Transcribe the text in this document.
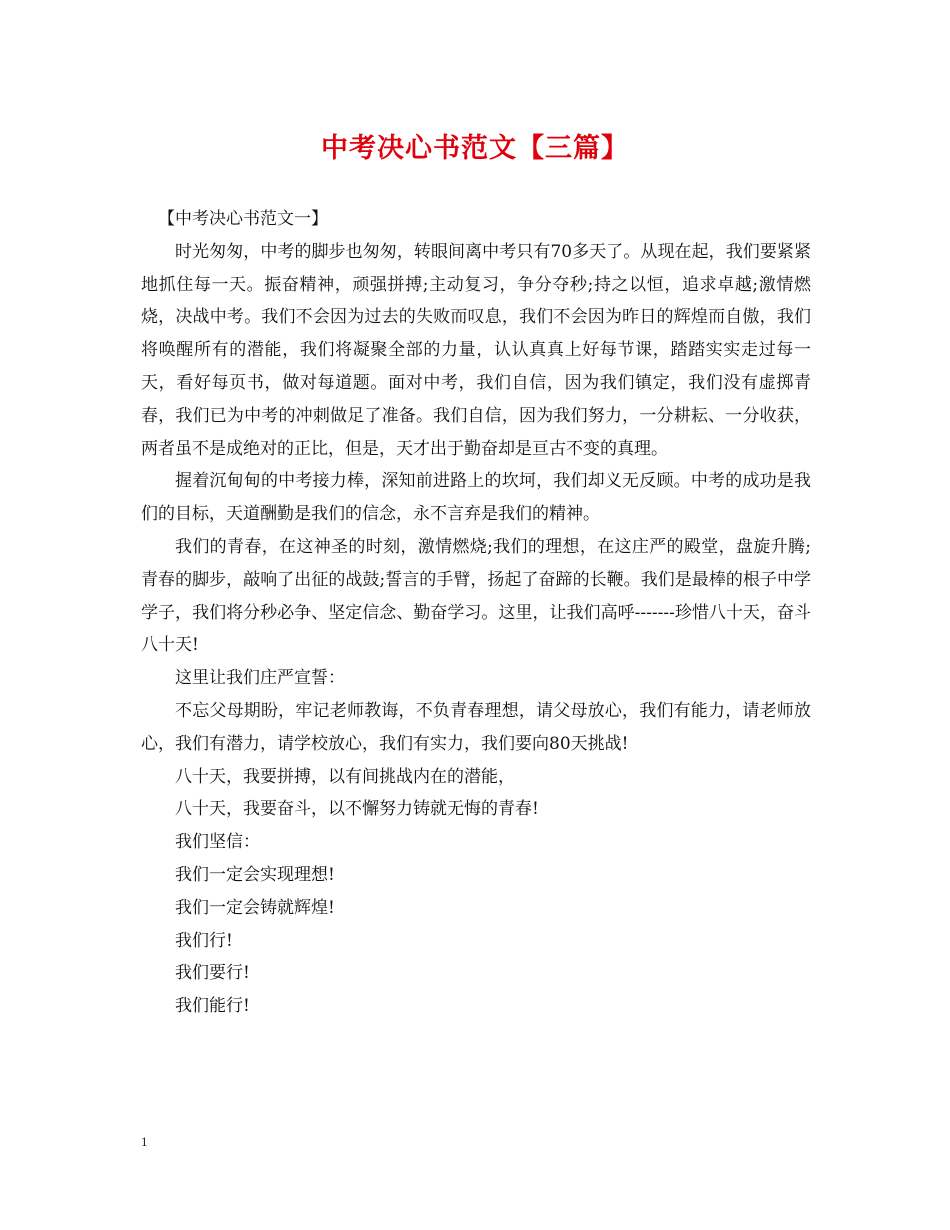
中考决心书范文【三篇】

【中考决心书范文一】

时光匆匆，中考的脚步也匆匆，转眼间离中考只有70多天了。从现在起，我们要紧紧地抓住每一天。振奋精神，顽强拼搏;主动复习，争分夺秒;持之以恒，追求卓越;激情燃烧，决战中考。我们不会因为过去的失败而叹息，我们不会因为昨日的辉煌而自傲，我们将唤醒所有的潜能，我们将凝聚全部的力量，认认真真上好每节课，踏踏实实走过每一天，看好每页书，做对每道题。面对中考，我们自信，因为我们镇定，我们没有虚掷青春，我们已为中考的冲刺做足了准备。我们自信，因为我们努力，一分耕耘、一分收获，两者虽不是成绝对的正比，但是，天才出于勤奋却是亘古不变的真理。

握着沉甸甸的中考接力棒，深知前进路上的坎坷，我们却义无反顾。中考的成功是我们的目标，天道酬勤是我们的信念，永不言弃是我们的精神。

我们的青春，在这神圣的时刻，激情燃烧;我们的理想，在这庄严的殿堂，盘旋升腾;青春的脚步，敲响了出征的战鼓;誓言的手臂，扬起了奋蹄的长鞭。我们是最棒的根子中学学子，我们将分秒必争、坚定信念、勤奋学习。这里，让我们高呼-------珍惜八十天，奋斗八十天!

这里让我们庄严宣誓：

不忘父母期盼，牢记老师教诲，不负青春理想，请父母放心，我们有能力，请老师放心，我们有潜力，请学校放心，我们有实力，我们要向80天挑战!

八十天，我要拼搏，以有间挑战内在的潜能，

八十天，我要奋斗，以不懈努力铸就无悔的青春!

我们坚信：

我们一定会实现理想!

我们一定会铸就辉煌!

我们行!

我们要行!

我们能行!

1
